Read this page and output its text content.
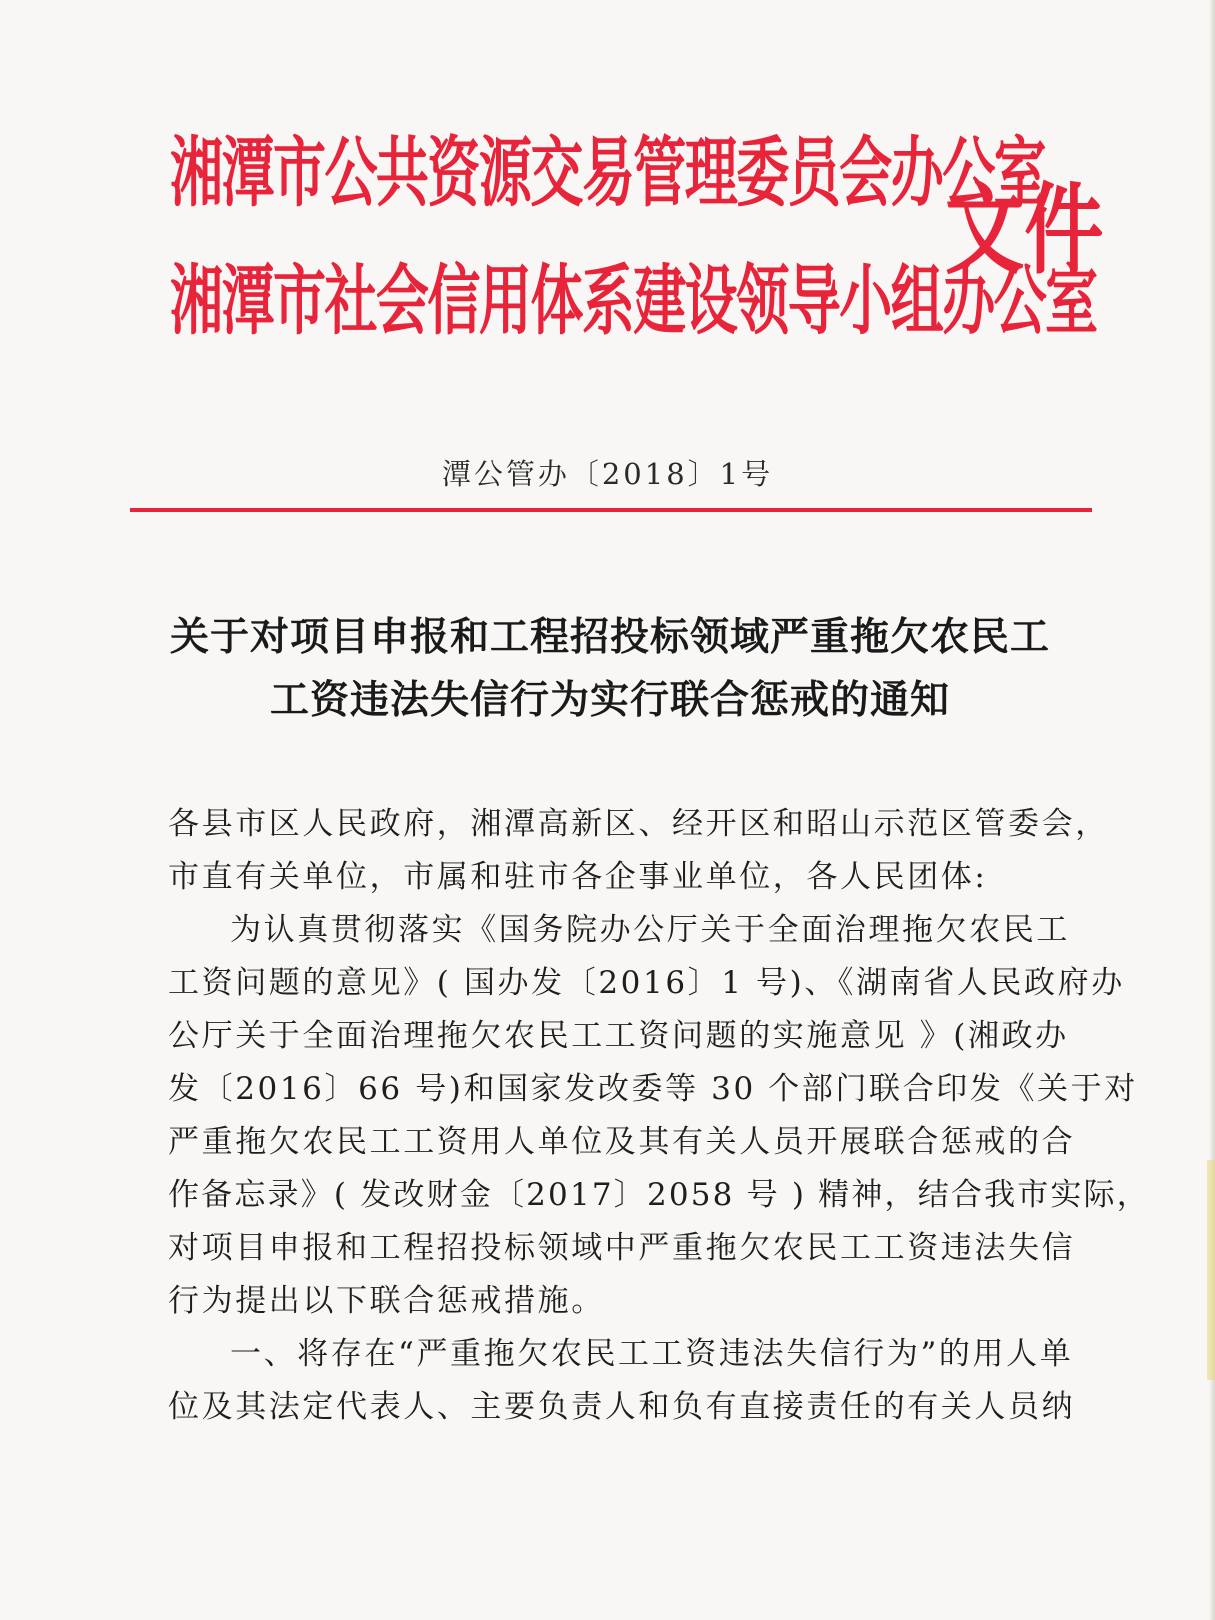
湘潭市公共资源交易管理委员会办公室
湘潭市社会信用体系建设领导小组办公室
文件
潭公管办〔2018〕1号
关于对项目申报和工程招投标领域严重拖欠农民工
工资违法失信行为实行联合惩戒的通知
各县市区人民政府，湘潭高新区、经开区和昭山示范区管委会，
市直有关单位，市属和驻市各企事业单位，各人民团体:
为认真贯彻落实《国务院办公厅关于全面治理拖欠农民工
工资问题的意见》( 国办发〔2016〕1 号)、《湖南省人民政府办
公厅关于全面治理拖欠农民工工资问题的实施意见 》(湘政办
发〔2016〕66 号)和国家发改委等 30 个部门联合印发《关于对
严重拖欠农民工工资用人单位及其有关人员开展联合惩戒的合
作备忘录》( 发改财金〔2017〕2058 号 ) 精神，结合我市实际，
对项目申报和工程招投标领域中严重拖欠农民工工资违法失信
行为提出以下联合惩戒措施。
一、将存在“严重拖欠农民工工资违法失信行为”的用人单
位及其法定代表人、主要负责人和负有直接责任的有关人员纳
